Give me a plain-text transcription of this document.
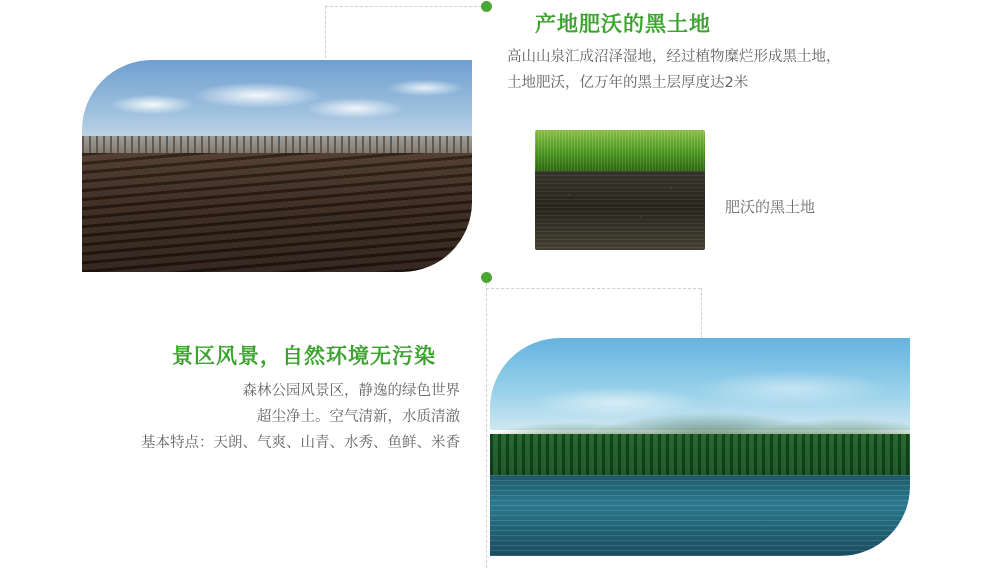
产地肥沃的黑土地
高山山泉汇成沼泽湿地，经过植物糜烂形成黑土地，
土地肥沃，亿万年的黑土层厚度达2米
肥沃的黑土地
景区风景，自然环境无污染
森林公园风景区，静逸的绿色世界
超尘净土。空气清新，水质清澈
基本特点：天朗、气爽、山青、水秀、鱼鲜、米香
